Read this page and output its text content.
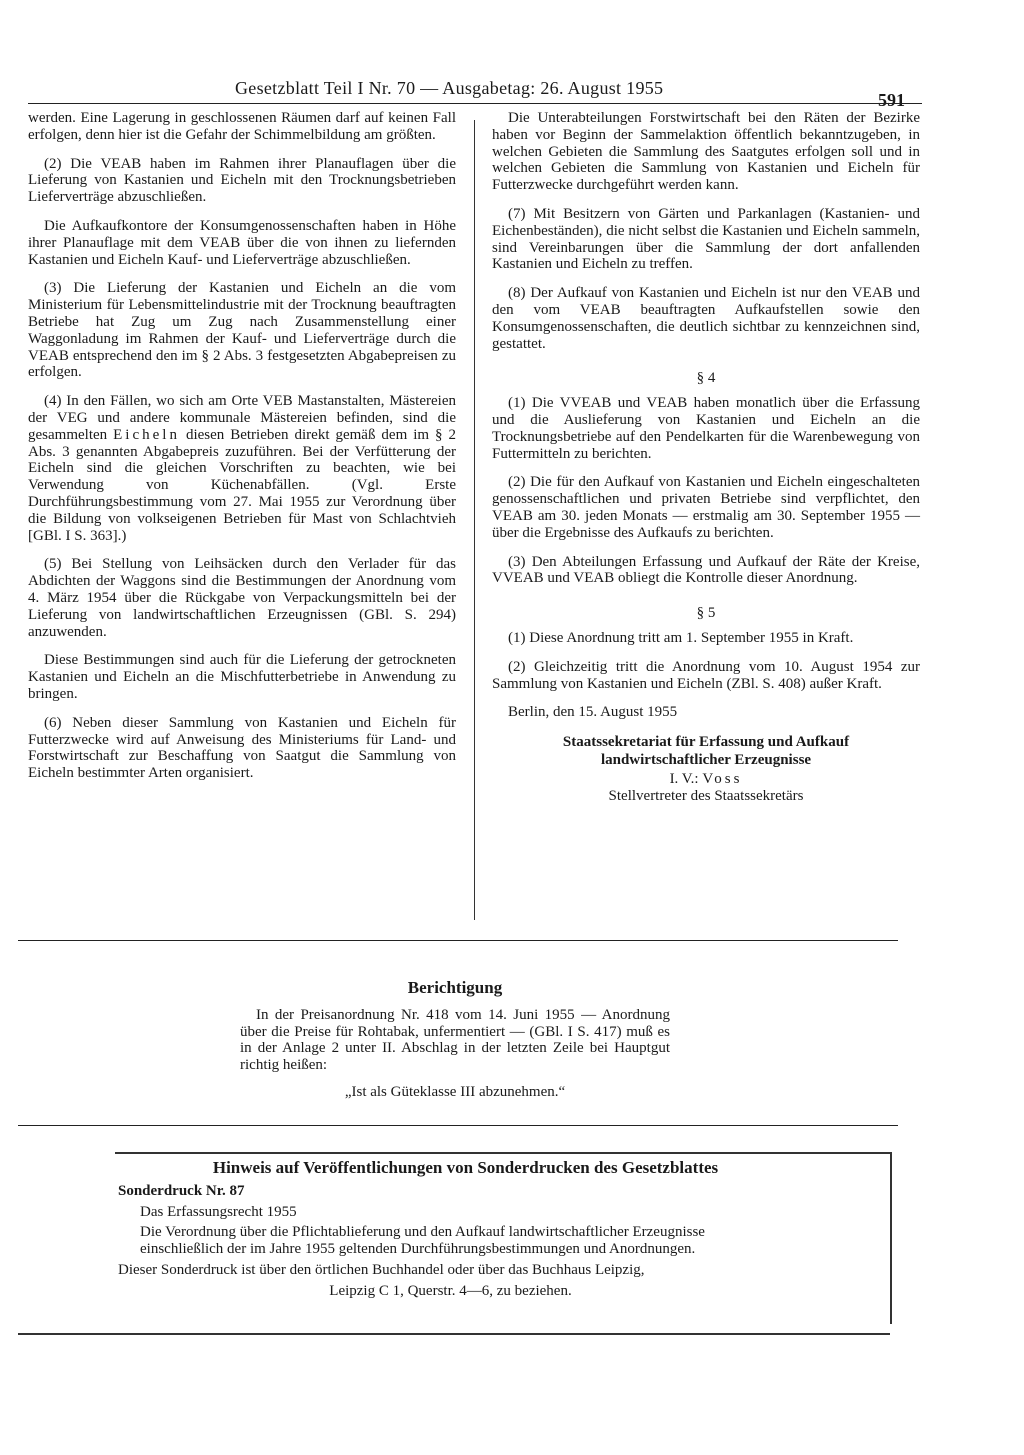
Gesetzblatt Teil I Nr. 70 — Ausgabetag: 26. August 1955
591

werden. Eine Lagerung in geschlossenen Räumen darf auf keinen Fall erfolgen, denn hier ist die Gefahr der Schimmelbildung am größten.

(2) Die VEAB haben im Rahmen ihrer Planauflagen über die Lieferung von Kastanien und Eicheln mit den Trocknungsbetrieben Lieferverträge abzuschließen.

Die Aufkaufkontore der Konsumgenossenschaften haben in Höhe ihrer Planauflage mit dem VEAB über die von ihnen zu liefernden Kastanien und Eicheln Kauf- und Lieferverträge abzuschließen.

(3) Die Lieferung der Kastanien und Eicheln an die vom Ministerium für Lebensmittelindustrie mit der Trocknung beauftragten Betriebe hat Zug um Zug nach Zusammenstellung einer Waggonladung im Rahmen der Kauf- und Lieferverträge durch die VEAB entsprechend den im § 2 Abs. 3 festgesetzten Abgabepreisen zu erfolgen.

(4) In den Fällen, wo sich am Orte VEB Mastanstalten, Mästereien der VEG und andere kommunale Mästereien befinden, sind die gesammelten Eicheln diesen Betrieben direkt gemäß dem im § 2 Abs. 3 genannten Abgabepreis zuzuführen. Bei der Verfütterung der Eicheln sind die gleichen Vorschriften zu beachten, wie bei Verwendung von Küchenabfällen. (Vgl. Erste Durchführungsbestimmung vom 27. Mai 1955 zur Verordnung über die Bildung von volkseigenen Betrieben für Mast von Schlachtvieh [GBl. I S. 363].)

(5) Bei Stellung von Leihsäcken durch den Verlader für das Abdichten der Waggons sind die Bestimmungen der Anordnung vom 4. März 1954 über die Rückgabe von Verpackungsmitteln bei der Lieferung von landwirtschaftlichen Erzeugnissen (GBl. S. 294) anzuwenden.

Diese Bestimmungen sind auch für die Lieferung der getrockneten Kastanien und Eicheln an die Mischfutterbetriebe in Anwendung zu bringen.

(6) Neben dieser Sammlung von Kastanien und Eicheln für Futterzwecke wird auf Anweisung des Ministeriums für Land- und Forstwirtschaft zur Beschaffung von Saatgut die Sammlung von Eicheln bestimmter Arten organisiert.

Die Unterabteilungen Forstwirtschaft bei den Räten der Bezirke haben vor Beginn der Sammelaktion öffentlich bekanntzugeben, in welchen Gebieten die Sammlung des Saatgutes erfolgen soll und in welchen Gebieten die Sammlung von Kastanien und Eicheln für Futterzwecke durchgeführt werden kann.

(7) Mit Besitzern von Gärten und Parkanlagen (Kastanien- und Eichenbeständen), die nicht selbst die Kastanien und Eicheln sammeln, sind Vereinbarungen über die Sammlung der dort anfallenden Kastanien und Eicheln zu treffen.

(8) Der Aufkauf von Kastanien und Eicheln ist nur den VEAB und den vom VEAB beauftragten Aufkaufstellen sowie den Konsumgenossenschaften, die deutlich sichtbar zu kennzeichnen sind, gestattet.

§ 4

(1) Die VVEAB und VEAB haben monatlich über die Erfassung und die Auslieferung von Kastanien und Eicheln an die Trocknungsbetriebe auf den Pendelkarten für die Warenbewegung von Futtermitteln zu berichten.

(2) Die für den Aufkauf von Kastanien und Eicheln eingeschalteten genossenschaftlichen und privaten Betriebe sind verpflichtet, den VEAB am 30. jeden Monats — erstmalig am 30. September 1955 — über die Ergebnisse des Aufkaufs zu berichten.

(3) Den Abteilungen Erfassung und Aufkauf der Räte der Kreise, VVEAB und VEAB obliegt die Kontrolle dieser Anordnung.

§ 5

(1) Diese Anordnung tritt am 1. September 1955 in Kraft.

(2) Gleichzeitig tritt die Anordnung vom 10. August 1954 zur Sammlung von Kastanien und Eicheln (ZBl. S. 408) außer Kraft.

Berlin, den 15. August 1955

Staatssekretariat für Erfassung und Aufkauf
landwirtschaftlicher Erzeugnisse
I. V.: Voss
Stellvertreter des Staatssekretärs
Berichtigung

In der Preisanordnung Nr. 418 vom 14. Juni 1955 — Anordnung über die Preise für Rohtabak, unfermentiert — (GBl. I S. 417) muß es in der Anlage 2 unter II. Abschlag in der letzten Zeile bei Hauptgut richtig heißen:

„Ist als Güteklasse III abzunehmen.“

Hinweis auf Veröffentlichungen von Sonderdrucken des Gesetzblattes
Sonderdruck Nr. 87

Das Erfassungsrecht 1955

Die Verordnung über die Pflichtablieferung und den Aufkauf landwirtschaftlicher Erzeugnisse einschließlich der im Jahre 1955 geltenden Durchführungsbestimmungen und Anordnungen.

Dieser Sonderdruck ist über den örtlichen Buchhandel oder über das Buchhaus Leipzig,

Leipzig C 1, Querstr. 4—6, zu beziehen.
